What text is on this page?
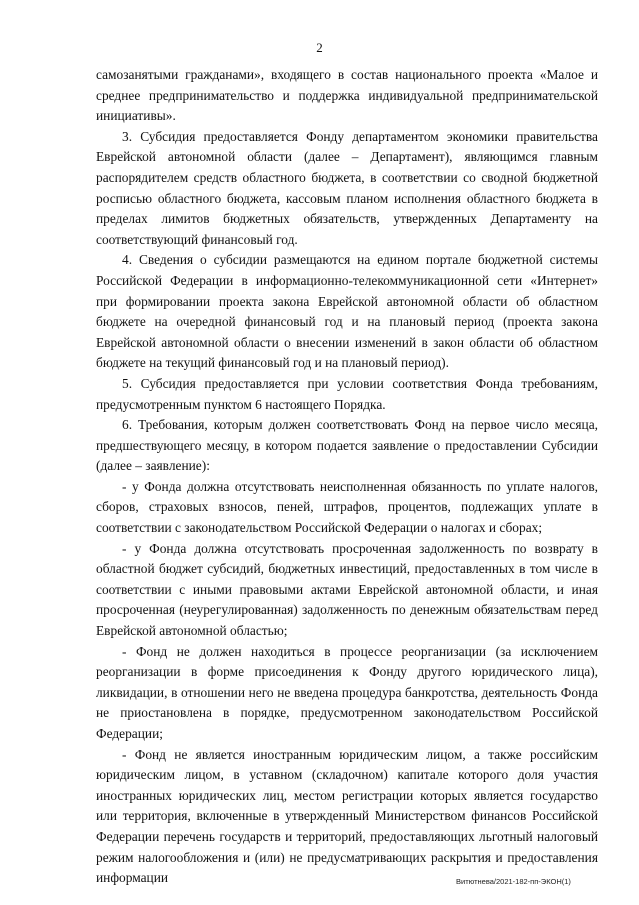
2

самозанятыми гражданами», входящего в состав национального проекта «Малое и среднее предпринимательство и поддержка индивидуальной предпринимательской инициативы».

3. Субсидия предоставляется Фонду департаментом экономики правительства Еврейской автономной области (далее – Департамент), являющимся главным распорядителем средств областного бюджета, в соответствии со сводной бюджетной росписью областного бюджета, кассовым планом исполнения областного бюджета в пределах лимитов бюджетных обязательств, утвержденных Департаменту на соответствующий финансовый год.

4. Сведения о субсидии размещаются на едином портале бюджетной системы Российской Федерации в информационно-телекоммуникационной сети «Интернет» при формировании проекта закона Еврейской автономной области об областном бюджете на очередной финансовый год и на плановый период (проекта закона Еврейской автономной области о внесении изменений в закон области об областном бюджете на текущий финансовый год и на плановый период).

5. Субсидия предоставляется при условии соответствия Фонда требованиям, предусмотренным пунктом 6 настоящего Порядка.

6. Требования, которым должен соответствовать Фонд на первое число месяца, предшествующего месяцу, в котором подается заявление о предоставлении Субсидии (далее – заявление):

- у Фонда должна отсутствовать неисполненная обязанность по уплате налогов, сборов, страховых взносов, пеней, штрафов, процентов, подлежащих уплате в соответствии с законодательством Российской Федерации о налогах и сборах;

- у Фонда должна отсутствовать просроченная задолженность по возврату в областной бюджет субсидий, бюджетных инвестиций, предоставленных в том числе в соответствии с иными правовыми актами Еврейской автономной области, и иная просроченная (неурегулированная) задолженность по денежным обязательствам перед Еврейской автономной областью;

- Фонд не должен находиться в процессе реорганизации (за исключением реорганизации в форме присоединения к Фонду другого юридического лица), ликвидации, в отношении него не введена процедура банкротства, деятельность Фонда не приостановлена в порядке, предусмотренном законодательством Российской Федерации;

- Фонд не является иностранным юридическим лицом, а также российским юридическим лицом, в уставном (складочном) капитале которого доля участия иностранных юридических лиц, местом регистрации которых является государство или территория, включенные в утвержденный Министерством финансов Российской Федерации перечень государств и территорий, предоставляющих льготный налоговый режим налогообложения и (или) не предусматривающих раскрытия и предоставления информации	Витютнева/2021-182-пп-ЭКОН(1)
